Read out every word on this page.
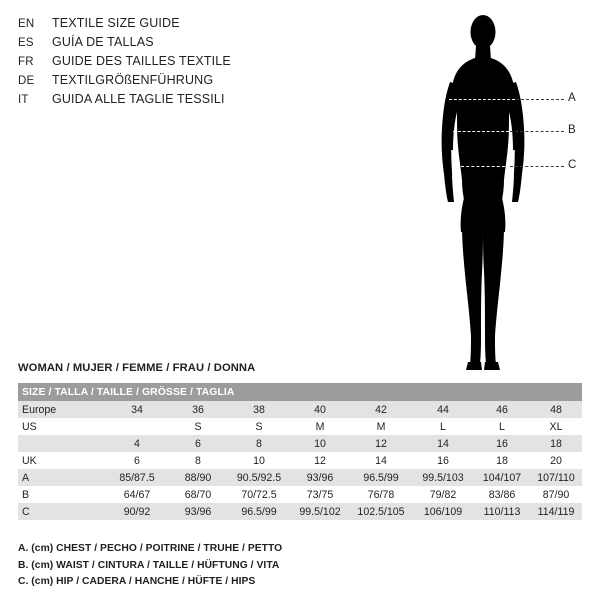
EN	TEXTILE SIZE GUIDE
ES	GUÍA DE TALLAS
FR	GUIDE DES TAILLES TEXTILE
DE	TEXTILGRÖßENFÜHRUNG
IT	GUIDA ALLE TAGLIE TESSILI	A
B
C
WOMAN / MUJER / FEMME / FRAU / DONNA
SIZE / TALLA / TAILLE / GRÖSSE / TAGLIA								
Europe	34	36	38	40	42	44	46	48
US		S	S	M	M	L	L	XL
	4	6	8	10	12	14	16	18
UK	6	8	10	12	14	16	18	20
A	85/87.5	88/90	90.5/92.5	93/96	96.5/99	99.5/103	104/107	107/110
B	64/67	68/70	70/72.5	73/75	76/78	79/82	83/86	87/90
C	90/92	93/96	96.5/99	99.5/102	102.5/105	106/109	110/113	114/119
A. (cm) CHEST / PECHO / POITRINE / TRUHE / PETTO
B. (cm) WAIST / CINTURA / TAILLE / HÜFTUNG / VITA
C. (cm) HIP / CADERA / HANCHE / HÜFTE / HIPS
